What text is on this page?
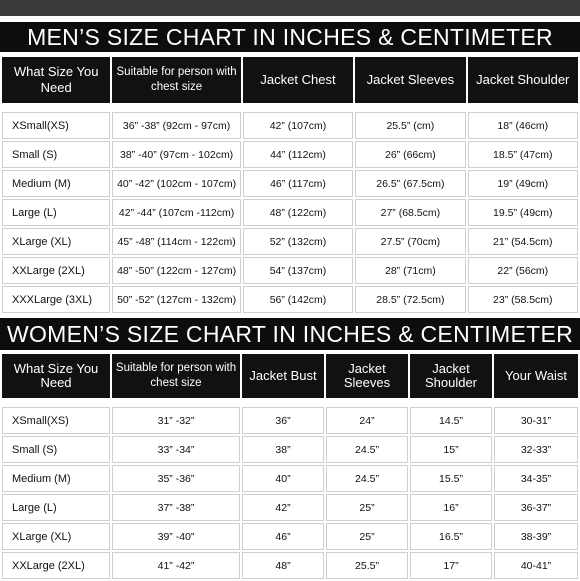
MEN’S SIZE CHART IN INCHES & CENTIMETER
What Size You Need	Suitable for person with chest size	Jacket Chest	Jacket Sleeves	Jacket Shoulder

XSmall(XS)	36” -38” (92cm - 97cm)	42” (107cm)	25.5” (cm)	18” (46cm)
Small (S)	38” -40” (97cm - 102cm)	44” (112cm)	26” (66cm)	18.5” (47cm)
Medium (M)	40” -42” (102cm - 107cm)	46” (117cm)	26.5” (67.5cm)	19” (49cm)
Large (L)	42” -44” (107cm -112cm)	48” (122cm)	27” (68.5cm)	19.5” (49cm)
XLarge (XL)	45” -48” (114cm - 122cm)	52” (132cm)	27.5” (70cm)	21” (54.5cm)
XXLarge (2XL)	48” -50” (122cm - 127cm)	54” (137cm)	28” (71cm)	22” (56cm)
XXXLarge (3XL)	50” -52” (127cm - 132cm)	56” (142cm)	28.5” (72.5cm)	23” (58.5cm)
WOMEN’S SIZE CHART IN INCHES & CENTIMETER
What Size You Need	Suitable for person with chest size	Jacket Bust	Jacket Sleeves	Jacket Shoulder	Your Waist

XSmall(XS)	31” -32”	36”	24”	14.5”	30-31”
Small (S)	33” -34”	38”	24.5”	15”	32-33”
Medium (M)	35” -36”	40”	24.5”	15.5”	34-35”
Large (L)	37” -38”	42”	25”	16”	36-37”
XLarge (XL)	39” -40”	46”	25”	16.5”	38-39”
XXLarge (2XL)	41” -42”	48”	25.5”	17”	40-41”
